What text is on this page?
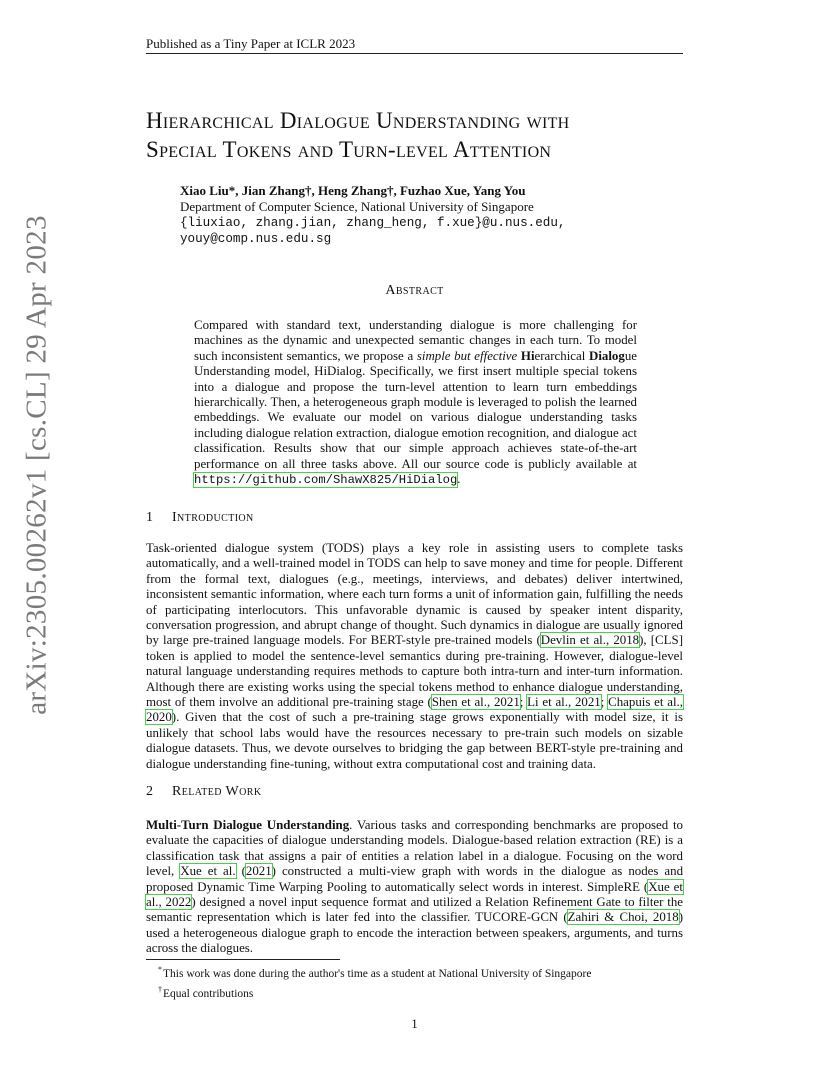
Published as a Tiny Paper at ICLR 2023
arXiv:2305.00262v1 [cs.CL] 29 Apr 2023
Hierarchical Dialogue Understanding with
Special Tokens and Turn-level Attention
Xiao Liu*, Jian Zhang†, Heng Zhang†, Fuzhao Xue, Yang You
Department of Computer Science, National University of Singapore
{liuxiao, zhang.jian, zhang_heng, f.xue}@u.nus.edu,
youy@comp.nus.edu.sg
Abstract

Compared with standard text, understanding dialogue is more challenging for machines as the dynamic and unexpected semantic changes in each turn. To model such inconsistent semantics, we propose a simple but effective Hierarchical Dialogue Understanding model, HiDialog. Specifically, we first insert multiple special tokens into a dialogue and propose the turn-level attention to learn turn embeddings hierarchically. Then, a heterogeneous graph module is leveraged to polish the learned embeddings. We evaluate our model on various dialogue understanding tasks including dialogue relation extraction, dialogue emotion recognition, and dialogue act classification. Results show that our simple approach achieves state-of-the-art performance on all three tasks above. All our source code is publicly available at https://github.com/ShawX825/HiDialog.

1 Introduction

Task-oriented dialogue system (TODS) plays a key role in assisting users to complete tasks automatically, and a well-trained model in TODS can help to save money and time for people. Different from the formal text, dialogues (e.g., meetings, interviews, and debates) deliver intertwined, inconsistent semantic information, where each turn forms a unit of information gain, fulfilling the needs of participating interlocutors. This unfavorable dynamic is caused by speaker intent disparity, conversation progression, and abrupt change of thought. Such dynamics in dialogue are usually ignored by large pre-trained language models. For BERT-style pre-trained models (Devlin et al., 2018), [CLS] token is applied to model the sentence-level semantics during pre-training. However, dialogue-level natural language understanding requires methods to capture both intra-turn and inter-turn information. Although there are existing works using the special tokens method to enhance dialogue understanding, most of them involve an additional pre-training stage (Shen et al., 2021; Li et al., 2021; Chapuis et al., 2020). Given that the cost of such a pre-training stage grows exponentially with model size, it is unlikely that school labs would have the resources necessary to pre-train such models on sizable dialogue datasets. Thus, we devote ourselves to bridging the gap between BERT-style pre-training and dialogue understanding fine-tuning, without extra computational cost and training data.

2 Related Work

Multi-Turn Dialogue Understanding. Various tasks and corresponding benchmarks are proposed to evaluate the capacities of dialogue understanding models. Dialogue-based relation extraction (RE) is a classification task that assigns a pair of entities a relation label in a dialogue. Focusing on the word level, Xue et al. (2021) constructed a multi-view graph with words in the dialogue as nodes and proposed Dynamic Time Warping Pooling to automatically select words in interest. SimpleRE (Xue et al., 2022) designed a novel input sequence format and utilized a Relation Refinement Gate to filter the semantic representation which is later fed into the classifier. TUCORE-GCN (Zahiri & Choi, 2018) used a heterogeneous dialogue graph to encode the interaction between speakers, arguments, and turns across the dialogues.

*This work was done during the author's time as a student at National University of Singapore
†Equal contributions
1
